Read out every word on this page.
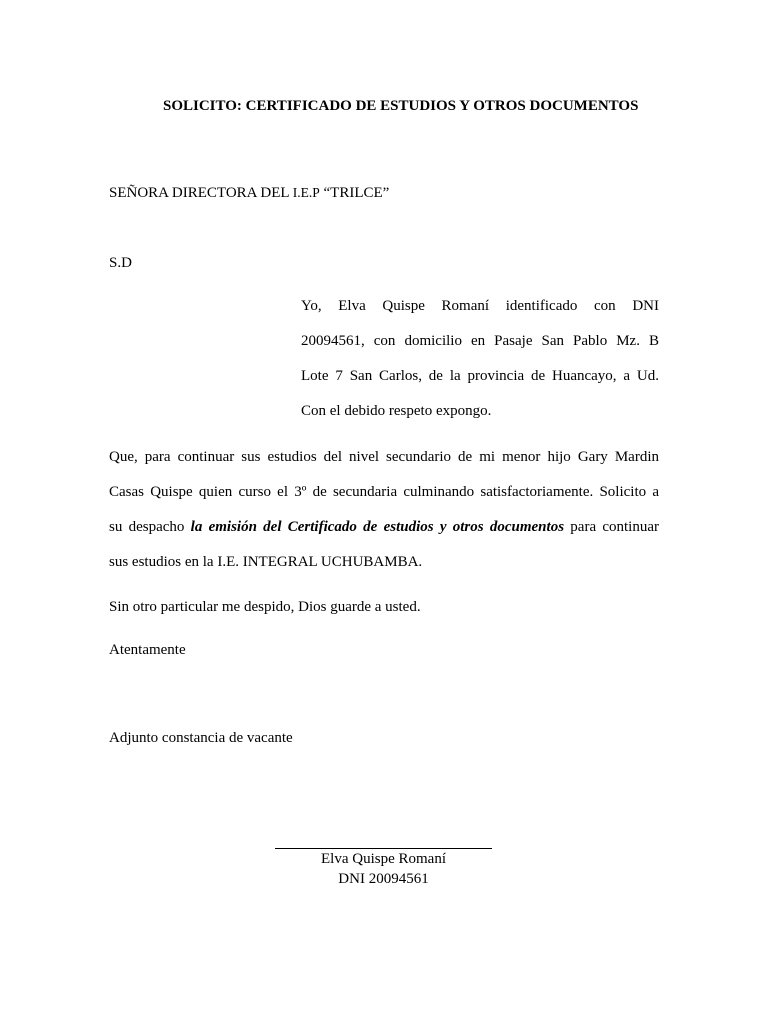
SOLICITO: CERTIFICADO DE ESTUDIOS Y OTROS DOCUMENTOS
SEÑORA DIRECTORA DEL I.E.P “TRILCE”
S.D
Yo, Elva Quispe Romaní identificado con DNI
20094561, con domicilio en Pasaje San Pablo Mz. B
Lote 7 San Carlos, de la provincia de Huancayo, a Ud.
Con el debido respeto expongo.
Que, para continuar sus estudios del nivel secundario de mi menor hijo Gary Mardin
Casas Quispe quien curso el 3º de secundaria culminando satisfactoriamente. Solicito a
su despacho la emisión del Certificado de estudios y otros documentos para continuar
sus estudios en la I.E. INTEGRAL UCHUBAMBA.
Sin otro particular me despido, Dios guarde a usted.
Atentamente
Adjunto constancia de vacante
Elva Quispe Romaní
DNI 20094561
